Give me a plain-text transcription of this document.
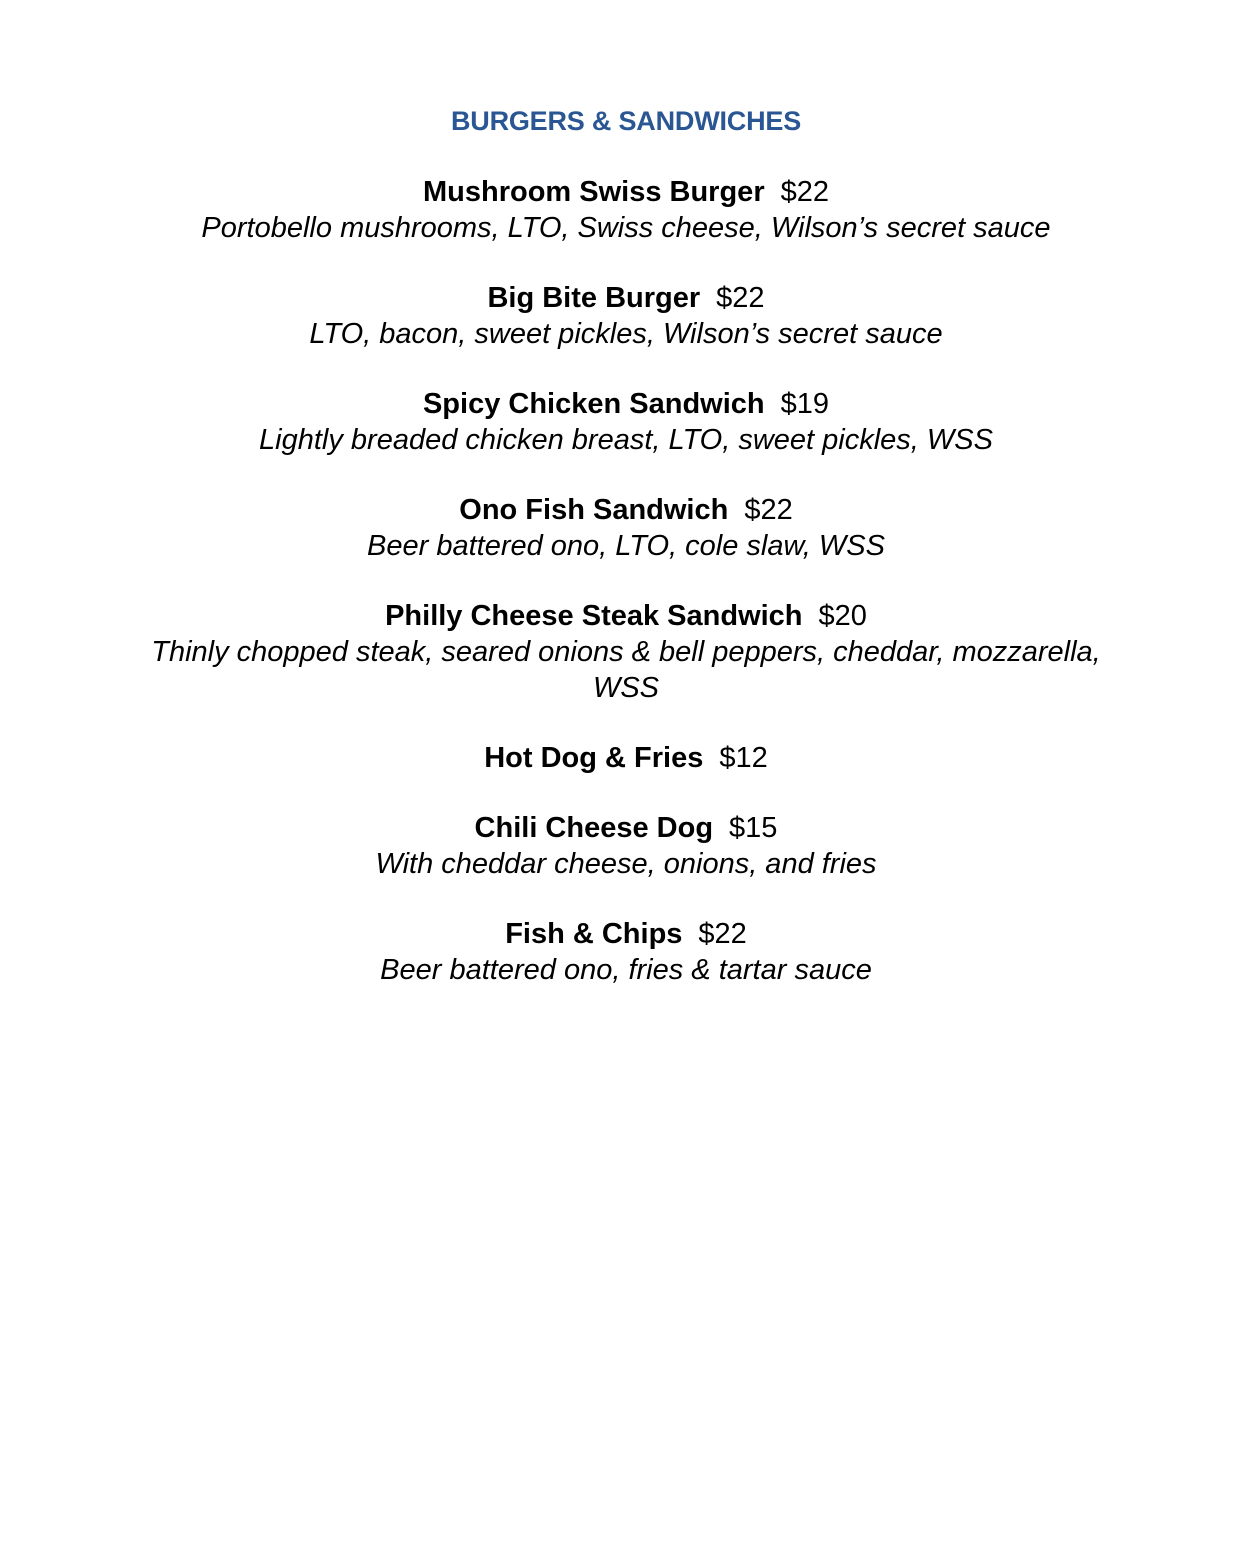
BURGERS & SANDWICHES
Mushroom Swiss Burger $22
Portobello mushrooms, LTO, Swiss cheese, Wilson’s secret sauce
Big Bite Burger $22
LTO, bacon, sweet pickles, Wilson’s secret sauce
Spicy Chicken Sandwich $19
Lightly breaded chicken breast, LTO, sweet pickles, WSS
Ono Fish Sandwich $22
Beer battered ono, LTO, cole slaw, WSS
Philly Cheese Steak Sandwich $20
Thinly chopped steak, seared onions & bell peppers, cheddar, mozzarella, WSS
Hot Dog & Fries $12
Chili Cheese Dog $15
With cheddar cheese, onions, and fries
Fish & Chips $22
Beer battered ono, fries & tartar sauce
